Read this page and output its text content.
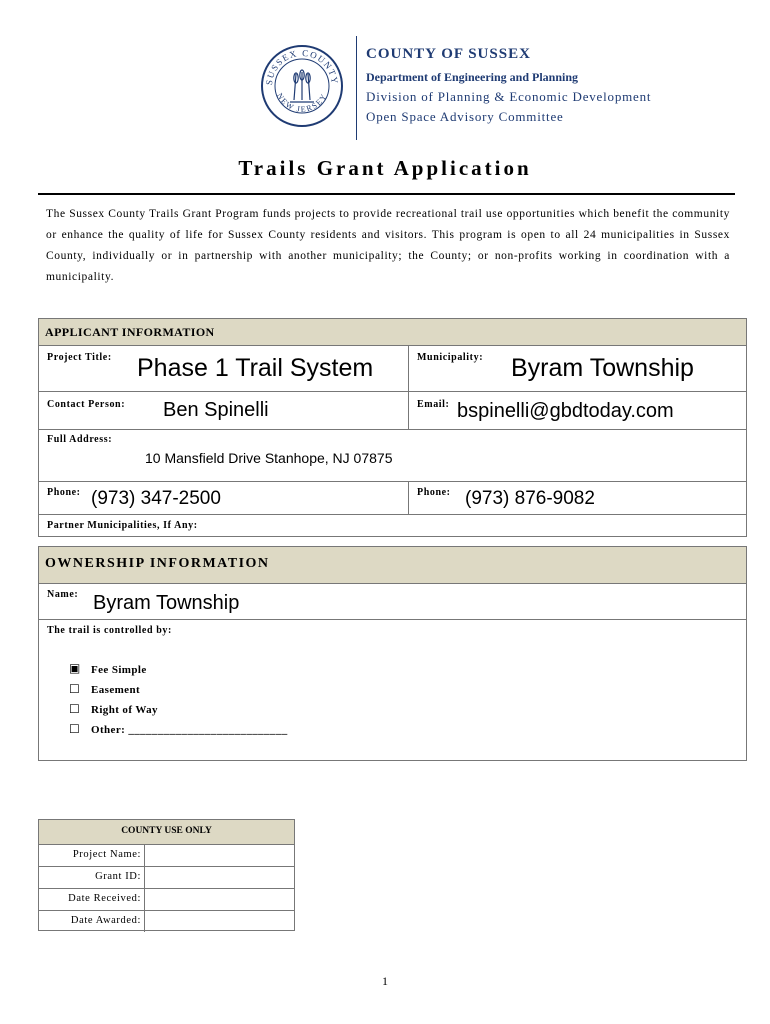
SUSSEX COUNTY
NEW JERSEY
COUNTY OF SUSSEX
Department of Engineering and Planning
Division of Planning & Economic Development
Open Space Advisory Committee
Trails Grant Application
The Sussex County Trails Grant Program funds projects to provide recreational trail use opportunities which benefit the community or enhance the quality of life for Sussex County residents and visitors. This program is open to all 24 municipalities in Sussex County, individually or in partnership with another municipality; the County; or non-profits working in coordination with a municipality.
APPLICANT INFORMATION
Project Title: Phase 1 Trail System	Municipality: Byram Township
Contact Person: Ben Spinelli	Email: bspinelli@gbdtoday.com
Full Address:
10 Mansfield Drive Stanhope, NJ 07875
Phone: (973) 347-2500	Phone: (973) 876-9082
Partner Municipalities, If Any:
OWNERSHIP INFORMATION
Name: Byram Township
The trail is controlled by:
▣ Fee Simple
☐ Easement
☐ Right of Way
☐ Other: ___________________________
COUNTY USE ONLY
Project Name:
Grant ID:
Date Received:
Date Awarded:
1
